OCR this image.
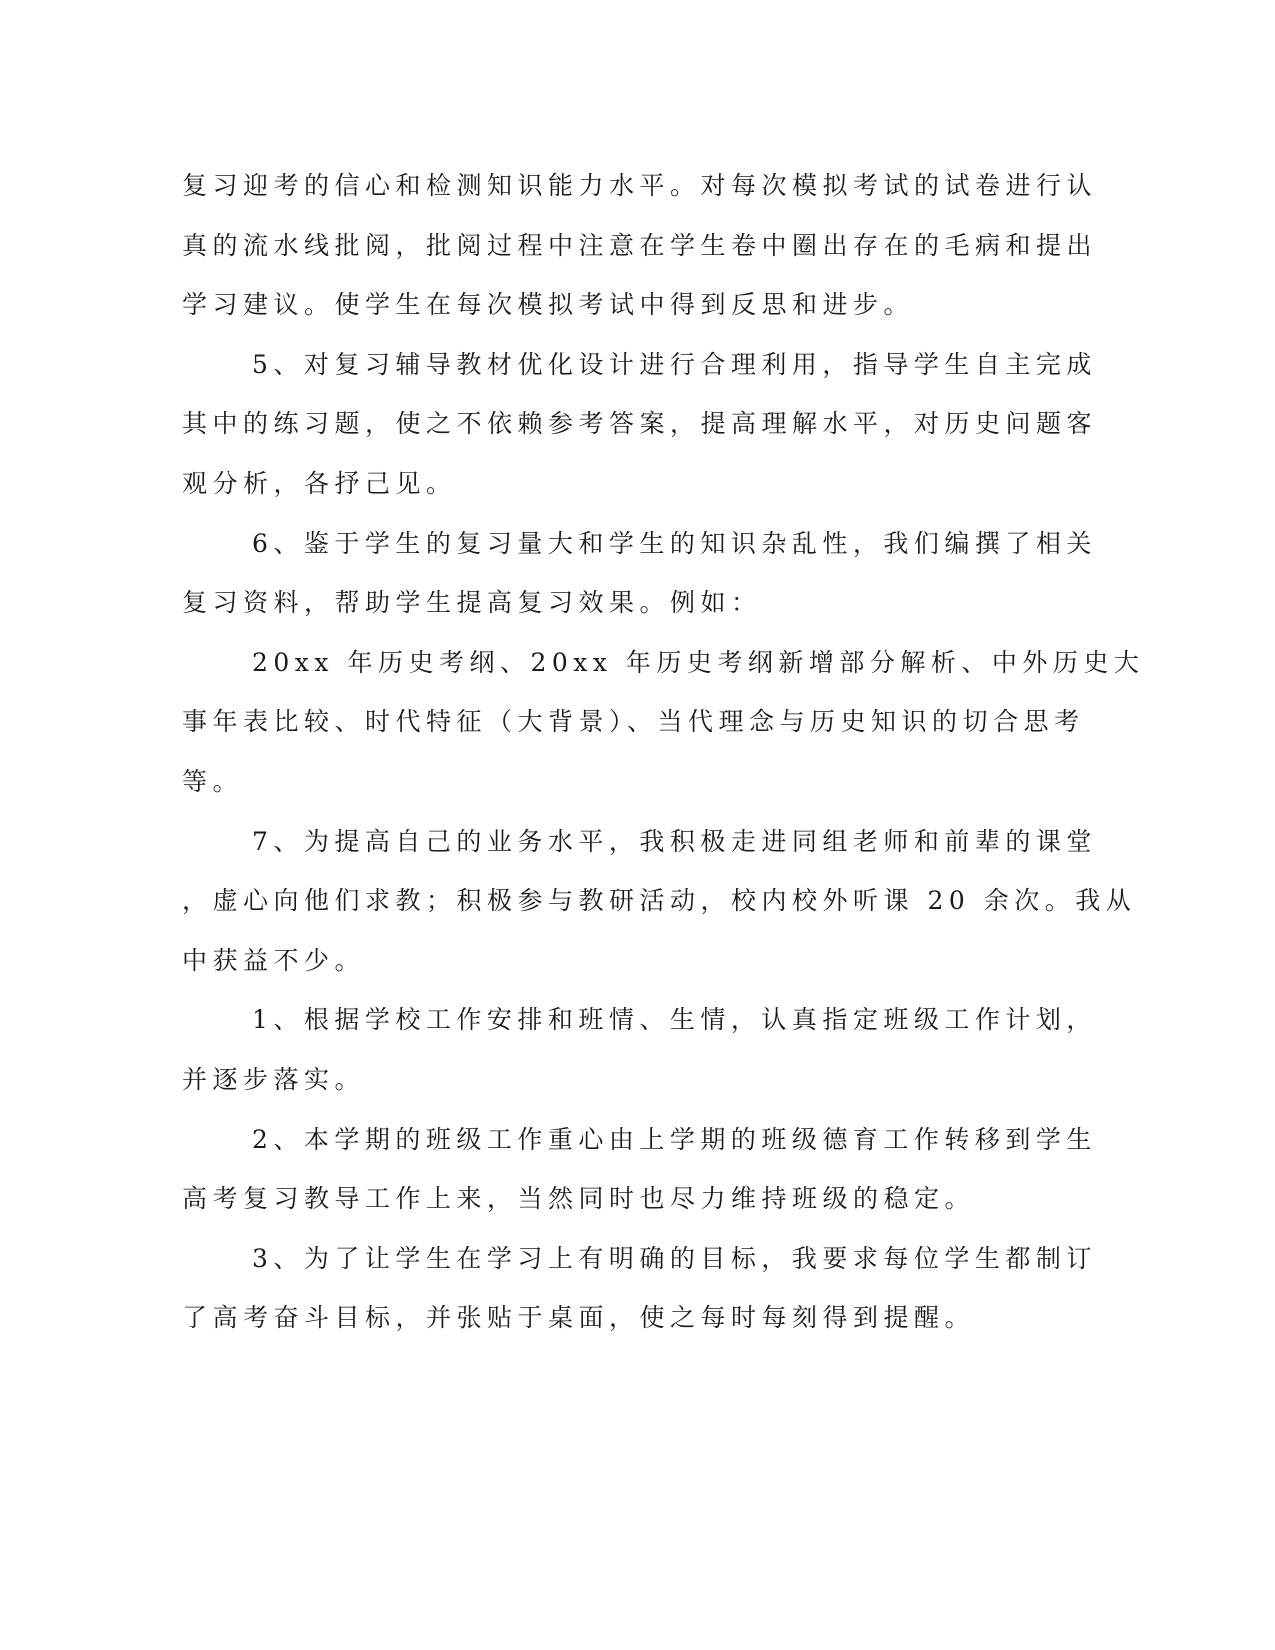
复习迎考的信心和检测知识能力水平。对每次模拟考试的试卷进行认
真的流水线批阅，批阅过程中注意在学生卷中圈出存在的毛病和提出
学习建议。使学生在每次模拟考试中得到反思和进步。

5、对复习辅导教材优化设计进行合理利用，指导学生自主完成
其中的练习题，使之不依赖参考答案，提高理解水平，对历史问题客
观分析，各抒己见。

6、鉴于学生的复习量大和学生的知识杂乱性，我们编撰了相关
复习资料，帮助学生提高复习效果。例如：

20xx 年历史考纲、20xx 年历史考纲新增部分解析、中外历史大
事年表比较、时代特征（大背景）、当代理念与历史知识的切合思考
等。

7、为提高自己的业务水平，我积极走进同组老师和前辈的课堂
，虚心向他们求教；积极参与教研活动，校内校外听课 20 余次。我从
中获益不少。

1、根据学校工作安排和班情、生情，认真指定班级工作计划，
并逐步落实。

2、本学期的班级工作重心由上学期的班级德育工作转移到学生
高考复习教导工作上来，当然同时也尽力维持班级的稳定。

3、为了让学生在学习上有明确的目标，我要求每位学生都制订
了高考奋斗目标，并张贴于桌面，使之每时每刻得到提醒。
